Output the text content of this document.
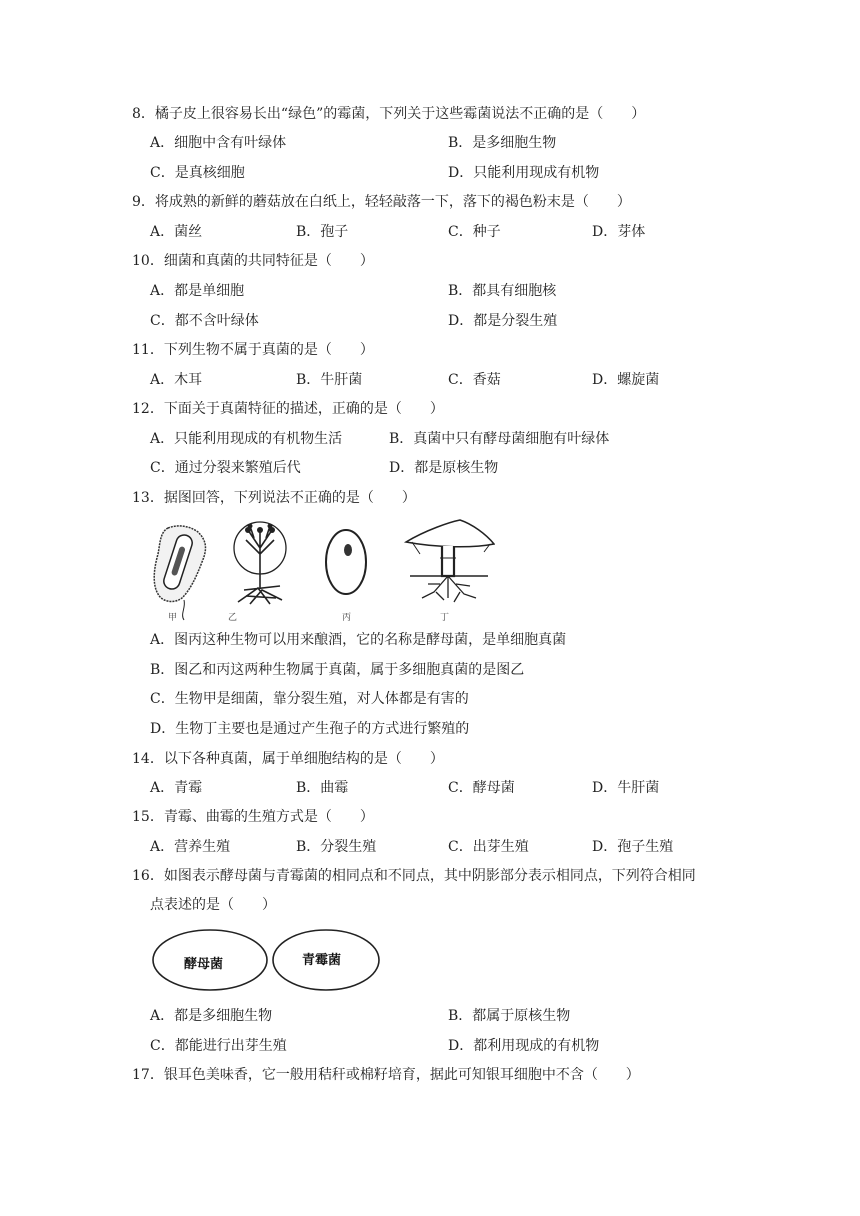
8．橘子皮上很容易长出“绿色”的霉菌，下列关于这些霉菌说法不正确的是（　　）
A．细胞中含有叶绿体	B．是多细胞生物
C．是真核细胞	D．只能利用现成有机物
9．将成熟的新鲜的蘑菇放在白纸上，轻轻敲落一下，落下的褐色粉末是（　　）
A．菌丝	B．孢子	C．种子	D．芽体
10．细菌和真菌的共同特征是（　　）
A．都是单细胞	B．都具有细胞核
C．都不含叶绿体	D．都是分裂生殖
11．下列生物不属于真菌的是（　　）
A．木耳	B．牛肝菌	C．香菇	D．螺旋菌
12．下面关于真菌特征的描述，正确的是（　　）
A．只能利用现成的有机物生活	B．真菌中只有酵母菌细胞有叶绿体
C．通过分裂来繁殖后代	D．都是原核生物
13．据图回答，下列说法不正确的是（　　）
甲	乙	丙	丁
A．图丙这种生物可以用来酿酒，它的名称是酵母菌，是单细胞真菌
B．图乙和丙这两种生物属于真菌，属于多细胞真菌的是图乙
C．生物甲是细菌，靠分裂生殖，对人体都是有害的
D．生物丁主要也是通过产生孢子的方式进行繁殖的
14．以下各种真菌，属于单细胞结构的是（　　）
A．青霉	B．曲霉	C．酵母菌	D．牛肝菌
15．青霉、曲霉的生殖方式是（　　）
A．营养生殖	B．分裂生殖	C．出芽生殖	D．孢子生殖
16．如图表示酵母菌与青霉菌的相同点和不同点，其中阴影部分表示相同点，下列符合相同
点表述的是（　　）
酵母菌	青霉菌
A．都是多细胞生物	B．都属于原核生物
C．都能进行出芽生殖	D．都利用现成的有机物
17．银耳色美味香，它一般用秸秆或棉籽培育，据此可知银耳细胞中不含（　　）
